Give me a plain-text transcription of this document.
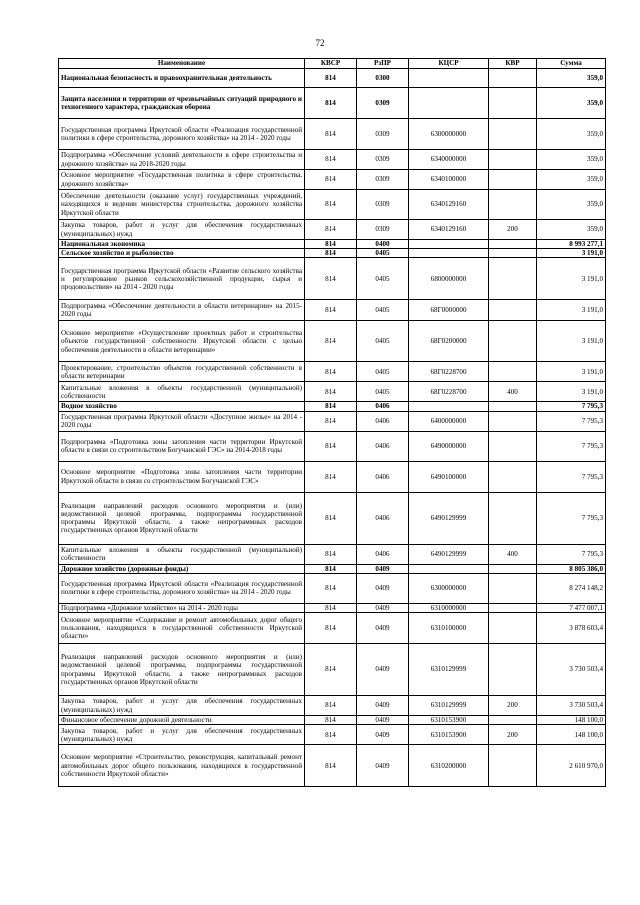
72
Наименование	КВСР	РзПР	КЦСР	КВР	Сумма
Национальная безопасность и правоохранительная деятельность	814	0300			359,0
Защита населения и территории от чрезвычайных ситуаций природного и техногенного характера, гражданская оборона	814	0309			359,0
Государственная программа Иркутской области «Реализация государственной политики в сфере строительства, дорожного хозяйства» на 2014 - 2020 годы	814	0309	6300000000		359,0
Подпрограмма «Обеспечение условий деятельности в сфере строительства и дорожного хозяйства» на 2018-2020 годы	814	0309	6340000000		359,0
Основное мероприятие «Государственная политика в сфере строительства, дорожного хозяйства»	814	0309	6340100000		359,0
Обеспечение деятельности (оказание услуг) государственных учреждений, находящихся в ведении министерства строительства, дорожного хозяйства Иркутской области	814	0309	6340129160		359,0
Закупка товаров, работ и услуг для обеспечения государственных (муниципальных) нужд	814	0309	6340129160	200	359,0
Национальная экономика	814	0400			8 993 277,1
Сельское хозяйство и рыболовство	814	0405			3 191,0
Государственная программа Иркутской области «Развитие сельского хозяйства и регулирование рынков сельскохозяйственной продукции, сырья и продовольствия» на 2014 - 2020 годы	814	0405	6800000000		3 191,0
Подпрограмма «Обеспечение деятельности в области ветеринарии» на 2015-2020 годы	814	0405	68Г0000000		3 191,0
Основное мероприятие «Осуществление проектных работ и строительства объектов государственной собственности Иркутской области с целью обеспечения деятельности в области ветеринарии»	814	0405	68Г0200000		3 191,0
Проектирование, строительство объектов государственной собственности в области ветеринарии	814	0405	68Г0228700		3 191,0
Капитальные вложения в объекты государственной (муниципальной) собственности	814	0405	68Г0228700	400	3 191,0
Водное хозяйство	814	0406			7 795,3
Государственная программа Иркутской области «Доступное жилье» на 2014 - 2020 годы	814	0406	6400000000		7 795,3
Подпрограмма «Подготовка зоны затопления части территории Иркутской области в связи со строительством Богучанской ГЭС» на 2014-2018 годы	814	0406	6490000000		7 795,3
Основное мероприятие «Подготовка зоны затопления части территории Иркутской области в связи со строительством Богучанской ГЭС»	814	0406	6490100000		7 795,3
Реализация направлений расходов основного мероприятия и (или) ведомственной целевой программы, подпрограммы государственной программы Иркутской области, а также непрограммных расходов государственных органов Иркутской области	814	0406	6490129999		7 795,3
Капитальные вложения в объекты государственной (муниципальной) собственности	814	0406	6490129999	400	7 795,3
Дорожное хозяйство (дорожные фонды)	814	0409			8 805 386,0
Государственная программа Иркутской области «Реализация государственной политики в сфере строительства, дорожного хозяйства» на 2014 - 2020 годы	814	0409	6300000000		8 274 148,2
Подпрограмма «Дорожное хозяйство» на 2014 - 2020 годы	814	0409	6310000000		7 477 007,1
Основное мероприятие «Содержание и ремонт автомобильных дорог общего пользования, находящихся в государственной собственности Иркутской области»	814	0409	6310100000		3 878 603,4
Реализация направлений расходов основного мероприятия и (или) ведомственной целевой программы, подпрограммы государственной программы Иркутской области, а также непрограммных расходов государственных органов Иркутской области	814	0409	6310129999		3 730 503,4
Закупка товаров, работ и услуг для обеспечения государственных (муниципальных) нужд	814	0409	6310129999	200	3 730 503,4
Финансовое обеспечение дорожной деятельности	814	0409	6310153900		148 100,0
Закупка товаров, работ и услуг для обеспечения государственных (муниципальных) нужд	814	0409	6310153900	200	148 100,0
Основное мероприятие «Строительство, реконструкция, капитальный ремонт автомобильных дорог общего пользования, находящихся в государственной собственности Иркутской области»	814	0409	6310200000		2 610 970,0
